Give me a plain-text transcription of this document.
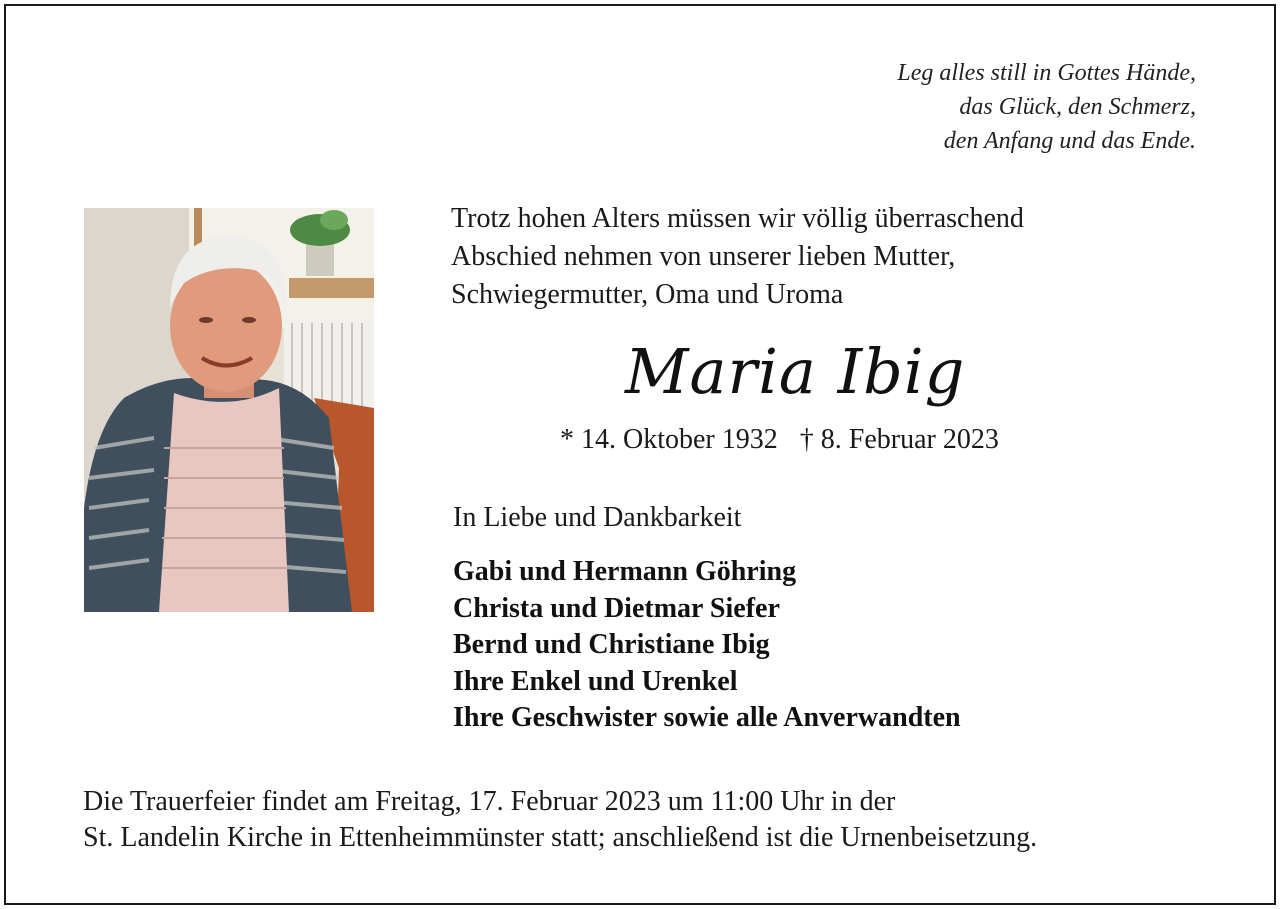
Leg alles still in Gottes Hände,
das Glück, den Schmerz,
den Anfang und das Ende.
Trotz hohen Alters müssen wir völlig überraschend
Abschied nehmen von unserer lieben Mutter,
Schwiegermutter, Oma und Uroma
Maria Ibig
* 14. Oktober 1932 † 8. Februar 2023
In Liebe und Dankbarkeit
Gabi und Hermann Göhring
Christa und Dietmar Siefer
Bernd und Christiane Ibig
Ihre Enkel und Urenkel
Ihre Geschwister sowie alle Anverwandten
Die Trauerfeier findet am Freitag, 17. Februar 2023 um 11:00 Uhr in der
St. Landelin Kirche in Ettenheimmünster statt; anschließend ist die Urnenbeisetzung.
